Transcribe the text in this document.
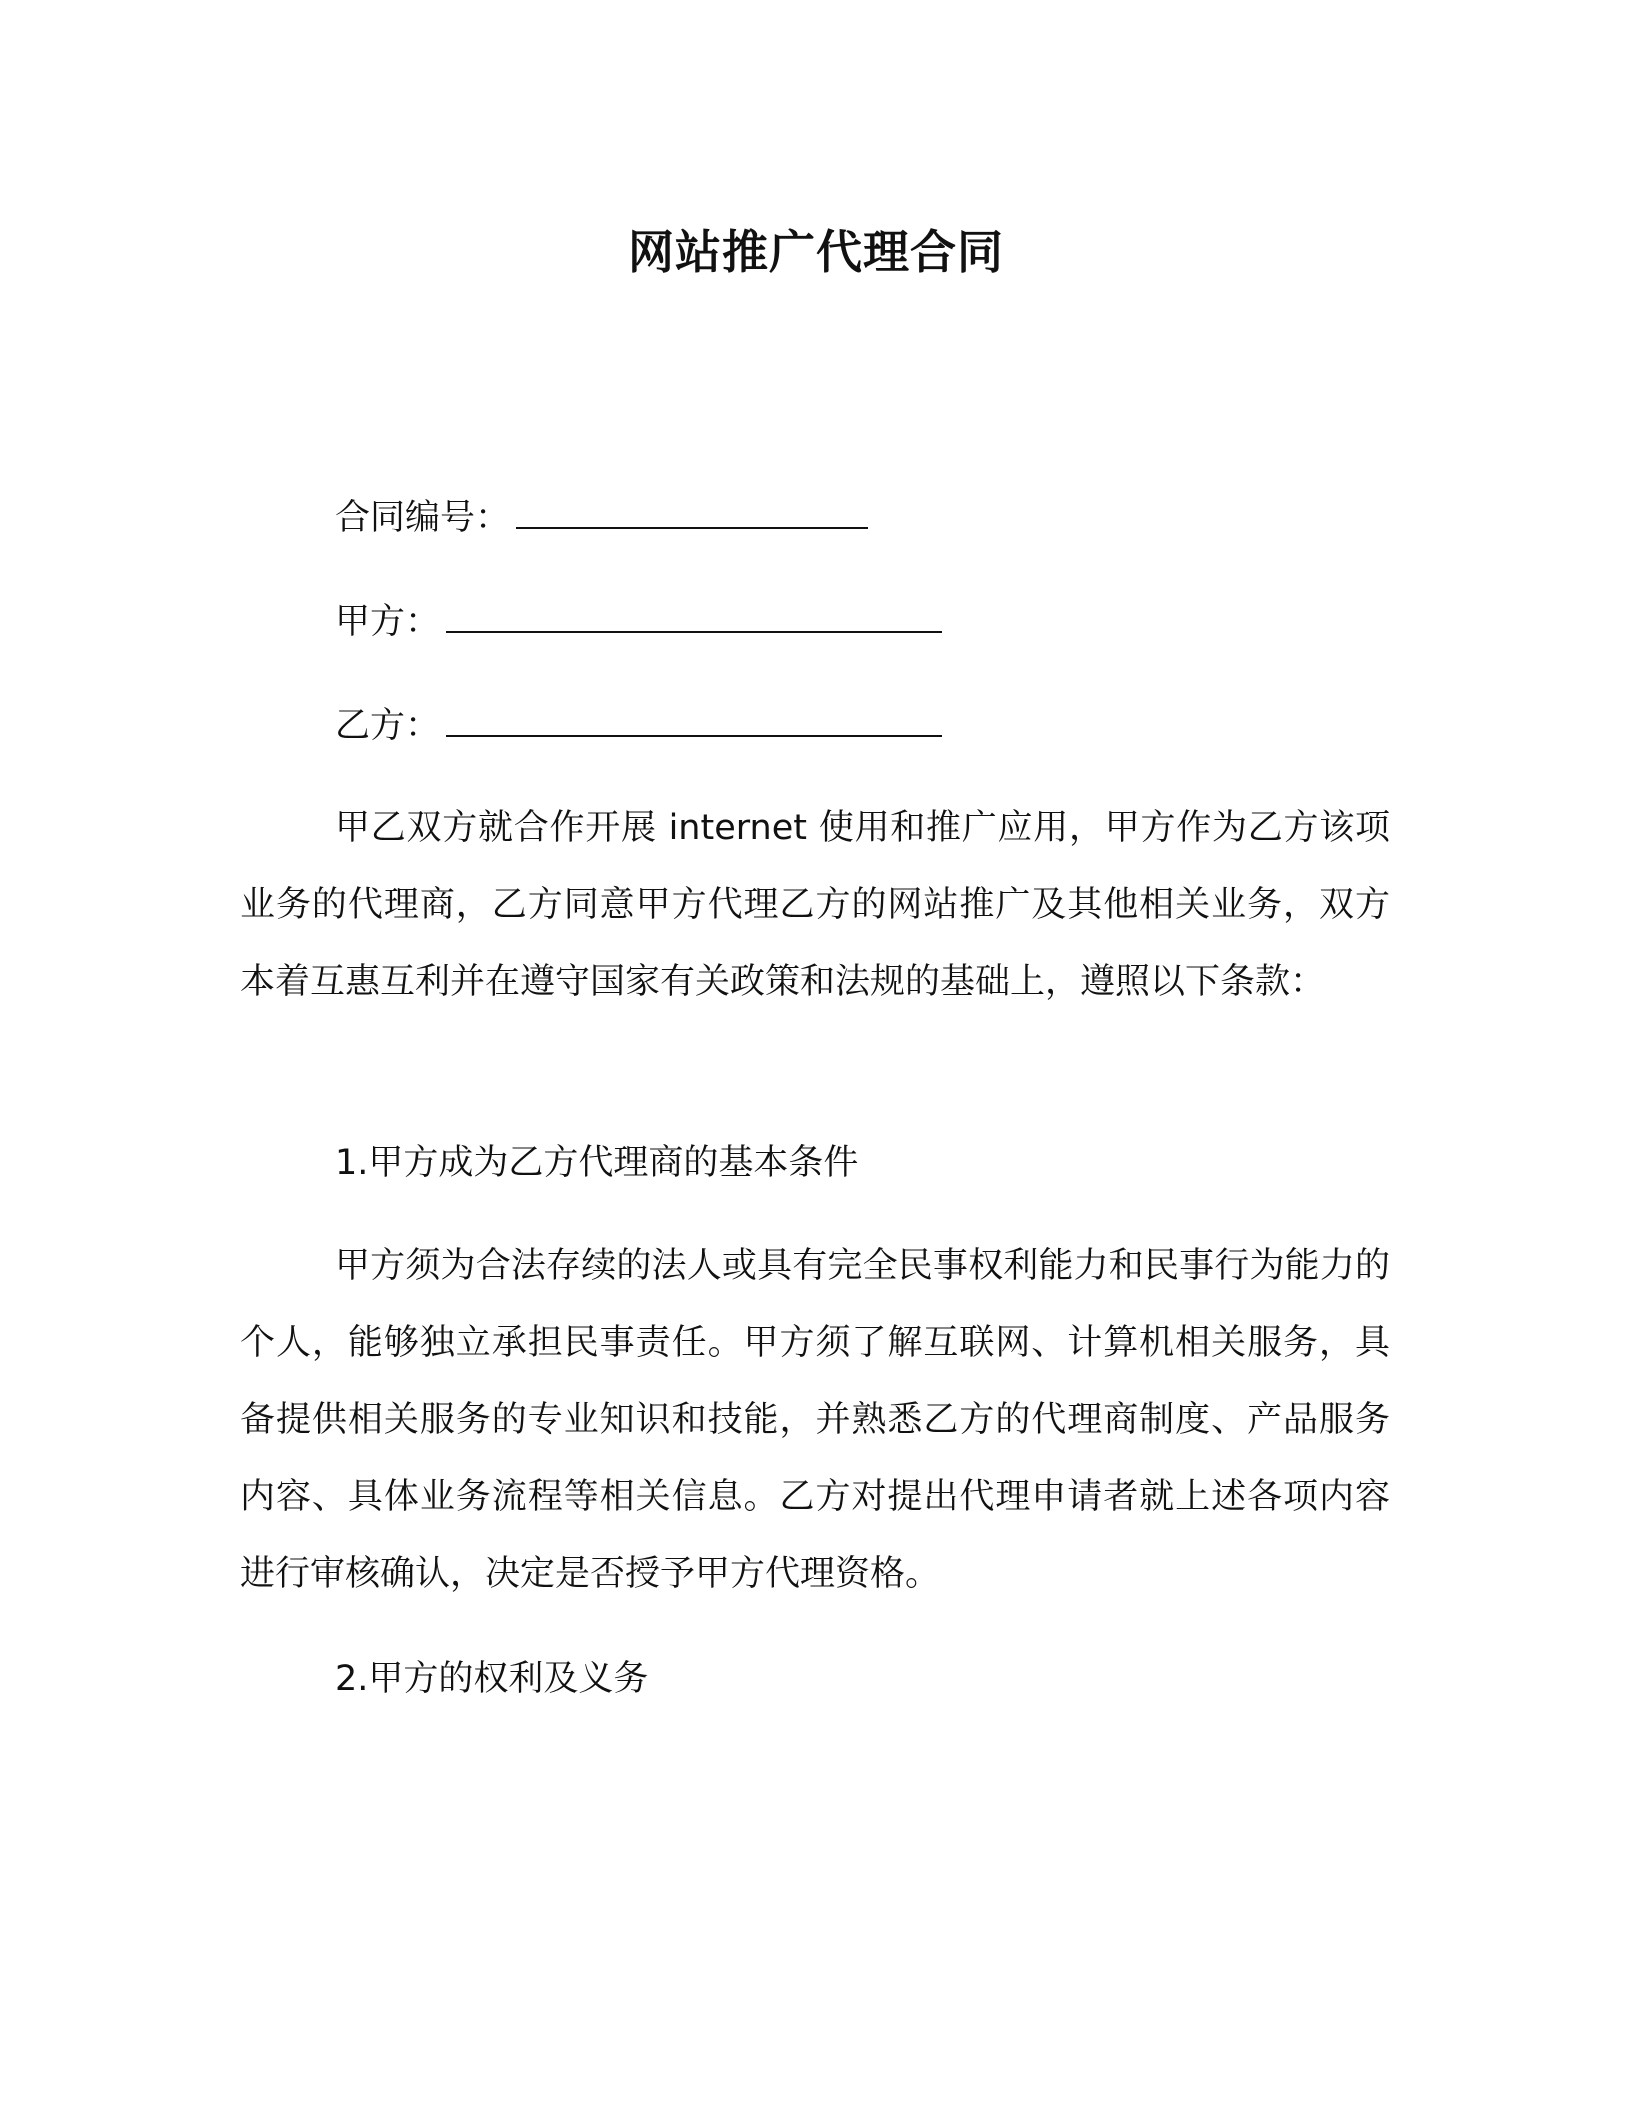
网站推广代理合同
合同编号：
甲方：
乙方：

甲乙双方就合作开展 internet 使用和推广应用，甲方作为乙方该项业务的代理商，乙方同意甲方代理乙方的网站推广及其他相关业务，双方本着互惠互利并在遵守国家有关政策和法规的基础上，遵照以下条款：

1.甲方成为乙方代理商的基本条件

甲方须为合法存续的法人或具有完全民事权利能力和民事行为能力的个人，能够独立承担民事责任。甲方须了解互联网、计算机相关服务，具备提供相关服务的专业知识和技能，并熟悉乙方的代理商制度、产品服务内容、具体业务流程等相关信息。乙方对提出代理申请者就上述各项内容进行审核确认，决定是否授予甲方代理资格。

2.甲方的权利及义务
